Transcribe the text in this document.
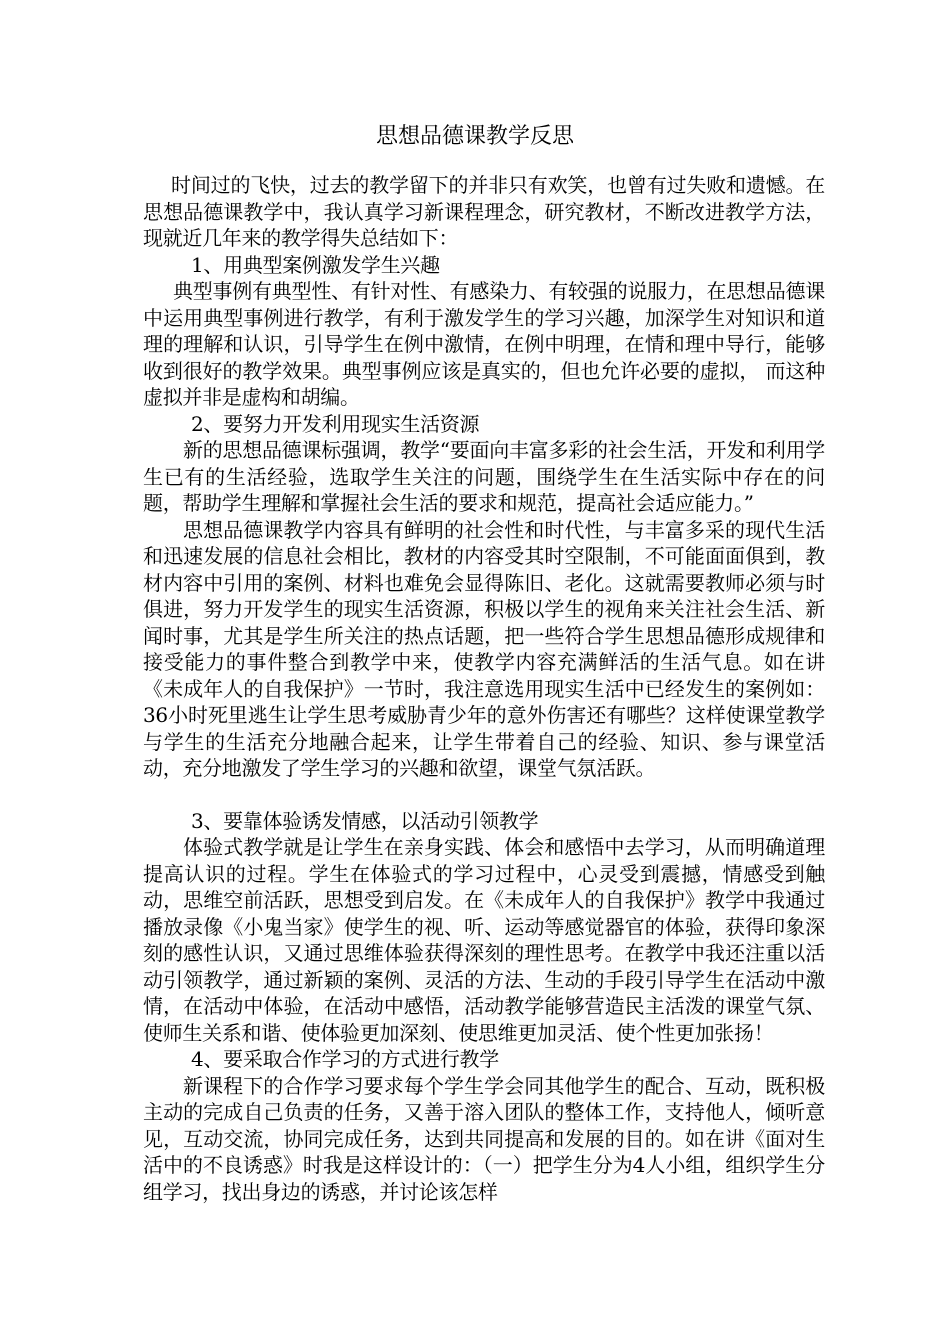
思想品德课教学反思

时间过的飞快，过去的教学留下的并非只有欢笑，也曾有过失败和遗憾。在思想品德课教学中，我认真学习新课程理念，研究教材，不断改进教学方法， 现就近几年来的教学得失总结如下：

1、用典型案例激发学生兴趣

典型事例有典型性、有针对性、有感染力、有较强的说服力，在思想品德课中运用典型事例进行教学，有利于激发学生的学习兴趣，加深学生对知识和道理的理解和认识，引导学生在例中激情，在例中明理，在情和理中导行，能够收到很好的教学效果。典型事例应该是真实的，但也允许必要的虚拟， 而这种虚拟并非是虚构和胡编。

2、要努力开发利用现实生活资源

新的思想品德课标强调，教学“要面向丰富多彩的社会生活，开发和利用学生已有的生活经验，选取学生关注的问题，围绕学生在生活实际中存在的问题，帮助学生理解和掌握社会生活的要求和规范，提高社会适应能力。”

思想品德课教学内容具有鲜明的社会性和时代性，与丰富多采的现代生活和迅速发展的信息社会相比，教材的内容受其时空限制，不可能面面俱到，教材内容中引用的案例、材料也难免会显得陈旧、老化。这就需要教师必须与时俱进，努力开发学生的现实生活资源，积极以学生的视角来关注社会生活、新闻时事，尤其是学生所关注的热点话题，把一些符合学生思想品德形成规律和接受能力的事件整合到教学中来，使教学内容充满鲜活的生活气息。如在讲《未成年人的自我保护》一节时，我注意选用现实生活中已经发生的案例如：36小时死里逃生让学生思考威胁青少年的意外伤害还有哪些？这样使课堂教学与学生的生活充分地融合起来，让学生带着自己的经验、知识、参与课堂活动，充分地激发了学生学习的兴趣和欲望，课堂气氛活跃。

3、要靠体验诱发情感，以活动引领教学

体验式教学就是让学生在亲身实践、体会和感悟中去学习，从而明确道理提高认识的过程。学生在体验式的学习过程中，心灵受到震撼，情感受到触动，思维空前活跃，思想受到启发。在《未成年人的自我保护》教学中我通过播放录像《小鬼当家》使学生的视、听、运动等感觉器官的体验，获得印象深刻的感性认识，又通过思维体验获得深刻的理性思考。在教学中我还注重以活动引领教学，通过新颖的案例、灵活的方法、生动的手段引导学生在活动中激情，在活动中体验，在活动中感悟，活动教学能够营造民主活泼的课堂气氛、使师生关系和谐、使体验更加深刻、使思维更加灵活、使个性更加张扬！

4、要采取合作学习的方式进行教学

新课程下的合作学习要求每个学生学会同其他学生的配合、互动，既积极主动的完成自己负责的任务，又善于溶入团队的整体工作，支持他人，倾听意见，互动交流，协同完成任务，达到共同提高和发展的目的。如在讲《面对生活中的不良诱惑》时我是这样设计的：（一）把学生分为4人小组，组织学生分组学习，找出身边的诱惑，并讨论该怎样
